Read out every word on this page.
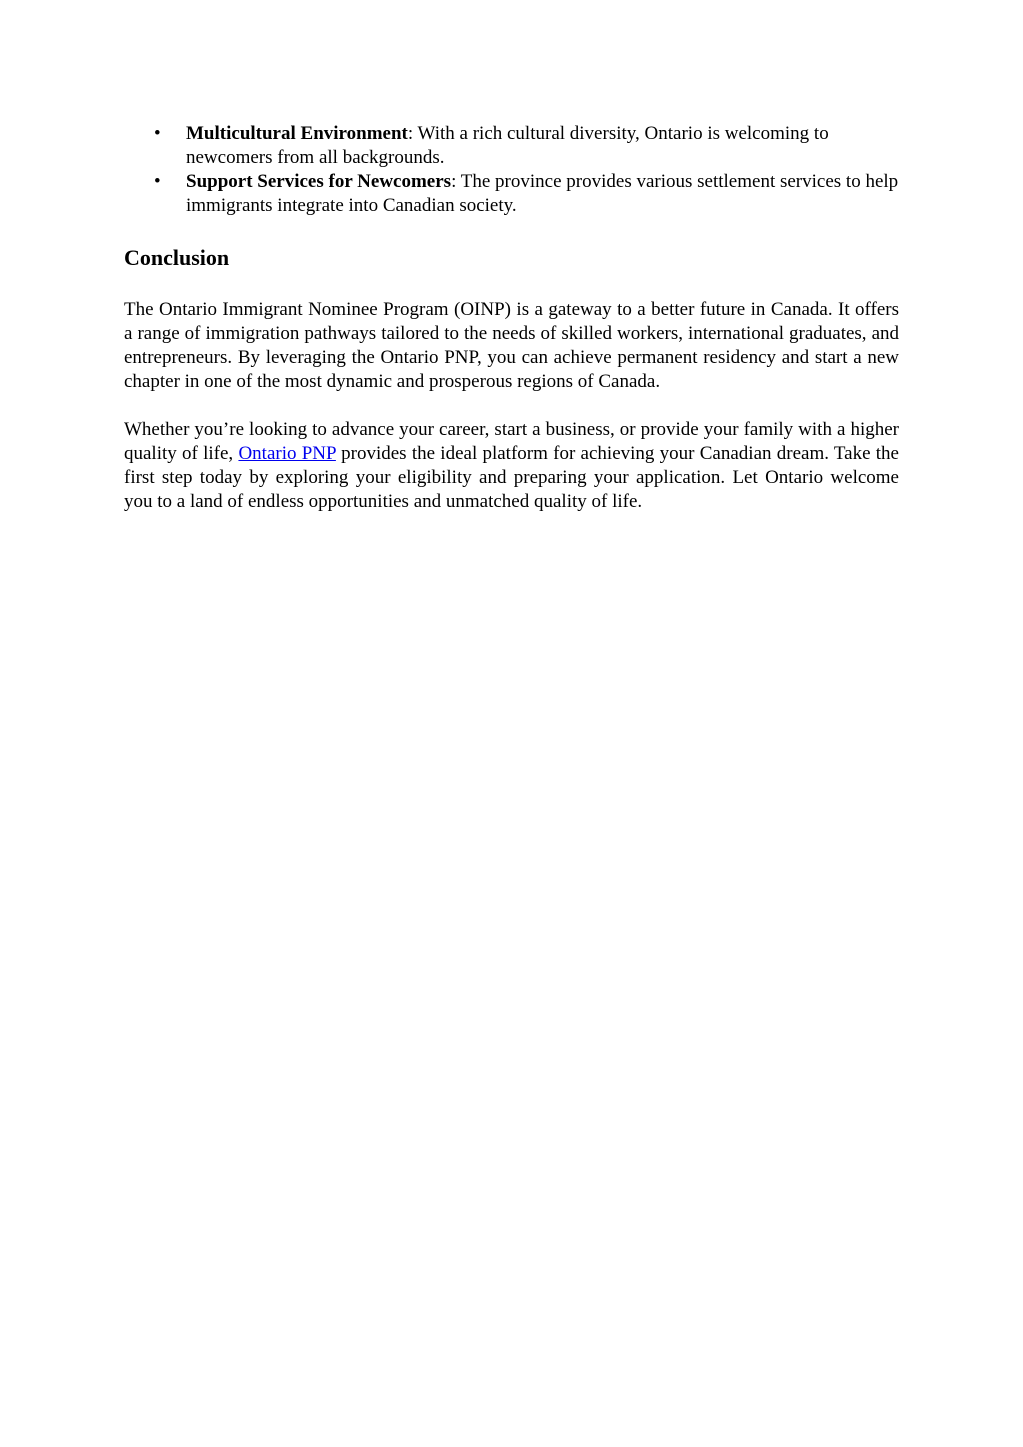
• Multicultural Environment: With a rich cultural diversity, Ontario is welcoming to newcomers from all backgrounds.
• Support Services for Newcomers: The province provides various settlement services to help immigrants integrate into Canadian society.
Conclusion

The Ontario Immigrant Nominee Program (OINP) is a gateway to a better future in Canada. It offers a range of immigration pathways tailored to the needs of skilled workers, international graduates, and entrepreneurs. By leveraging the Ontario PNP, you can achieve permanent residency and start a new chapter in one of the most dynamic and prosperous regions of Canada.

Whether you’re looking to advance your career, start a business, or provide your family with a higher quality of life, Ontario PNP provides the ideal platform for achieving your Canadian dream. Take the first step today by exploring your eligibility and preparing your application. Let Ontario welcome you to a land of endless opportunities and unmatched quality of life.
